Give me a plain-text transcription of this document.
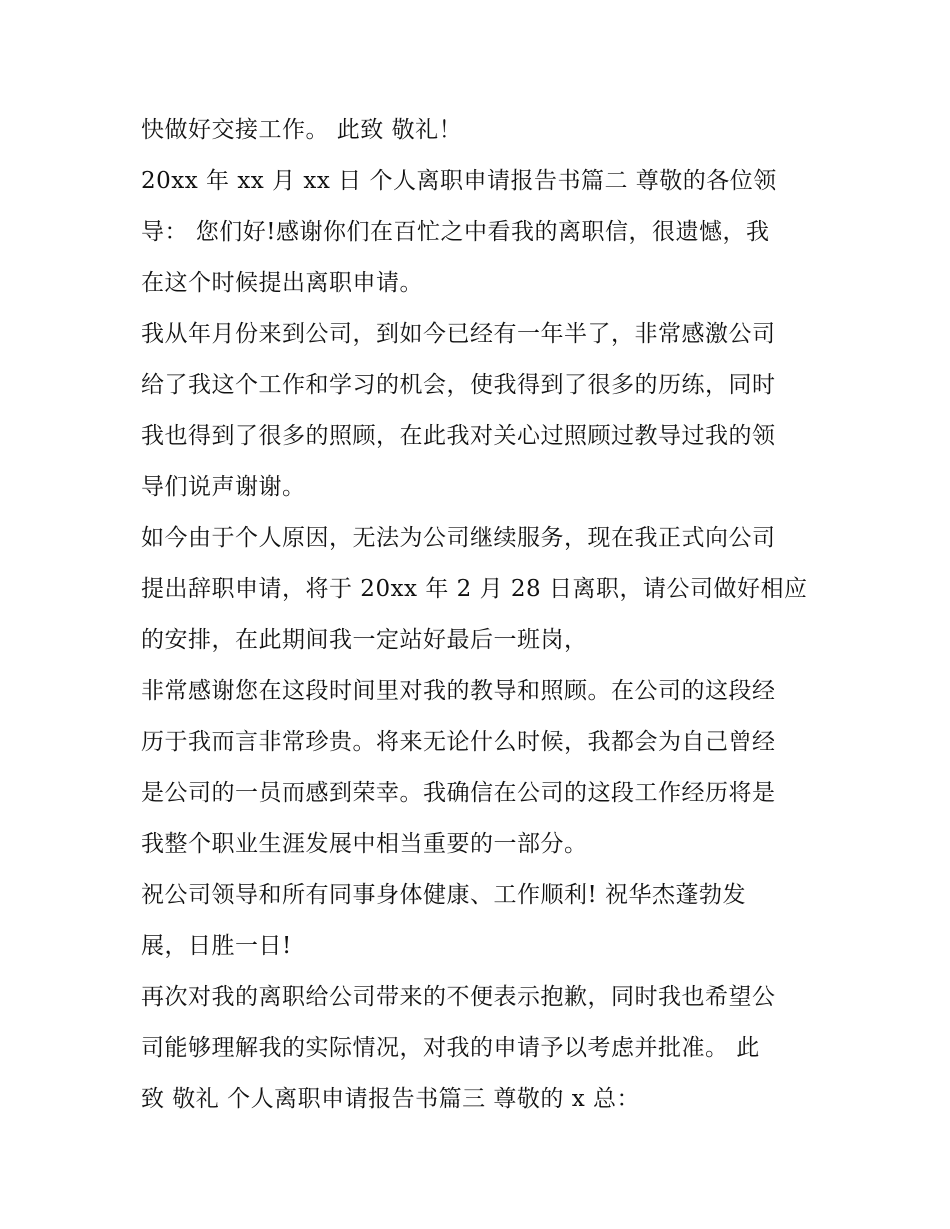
快做好交接工作。 此致 敬礼！
20xx 年 xx 月 xx 日 个人离职申请报告书篇二 尊敬的各位领
导： 您们好!感谢你们在百忙之中看我的离职信，很遗憾，我
在这个时候提出离职申请。
我从年月份来到公司，到如今已经有一年半了，非常感激公司
给了我这个工作和学习的机会，使我得到了很多的历练，同时
我也得到了很多的照顾，在此我对关心过照顾过教导过我的领
导们说声谢谢。
如今由于个人原因，无法为公司继续服务，现在我正式向公司
提出辞职申请，将于 20xx 年 2 月 28 日离职，请公司做好相应
的安排，在此期间我一定站好最后一班岗，
非常感谢您在这段时间里对我的教导和照顾。在公司的这段经
历于我而言非常珍贵。将来无论什么时候，我都会为自己曾经
是公司的一员而感到荣幸。我确信在公司的这段工作经历将是
我整个职业生涯发展中相当重要的一部分。
祝公司领导和所有同事身体健康、工作顺利! 祝华杰蓬勃发
展，日胜一日!
再次对我的离职给公司带来的不便表示抱歉，同时我也希望公
司能够理解我的实际情况，对我的申请予以考虑并批准。 此
致 敬礼 个人离职申请报告书篇三 尊敬的 x 总：
